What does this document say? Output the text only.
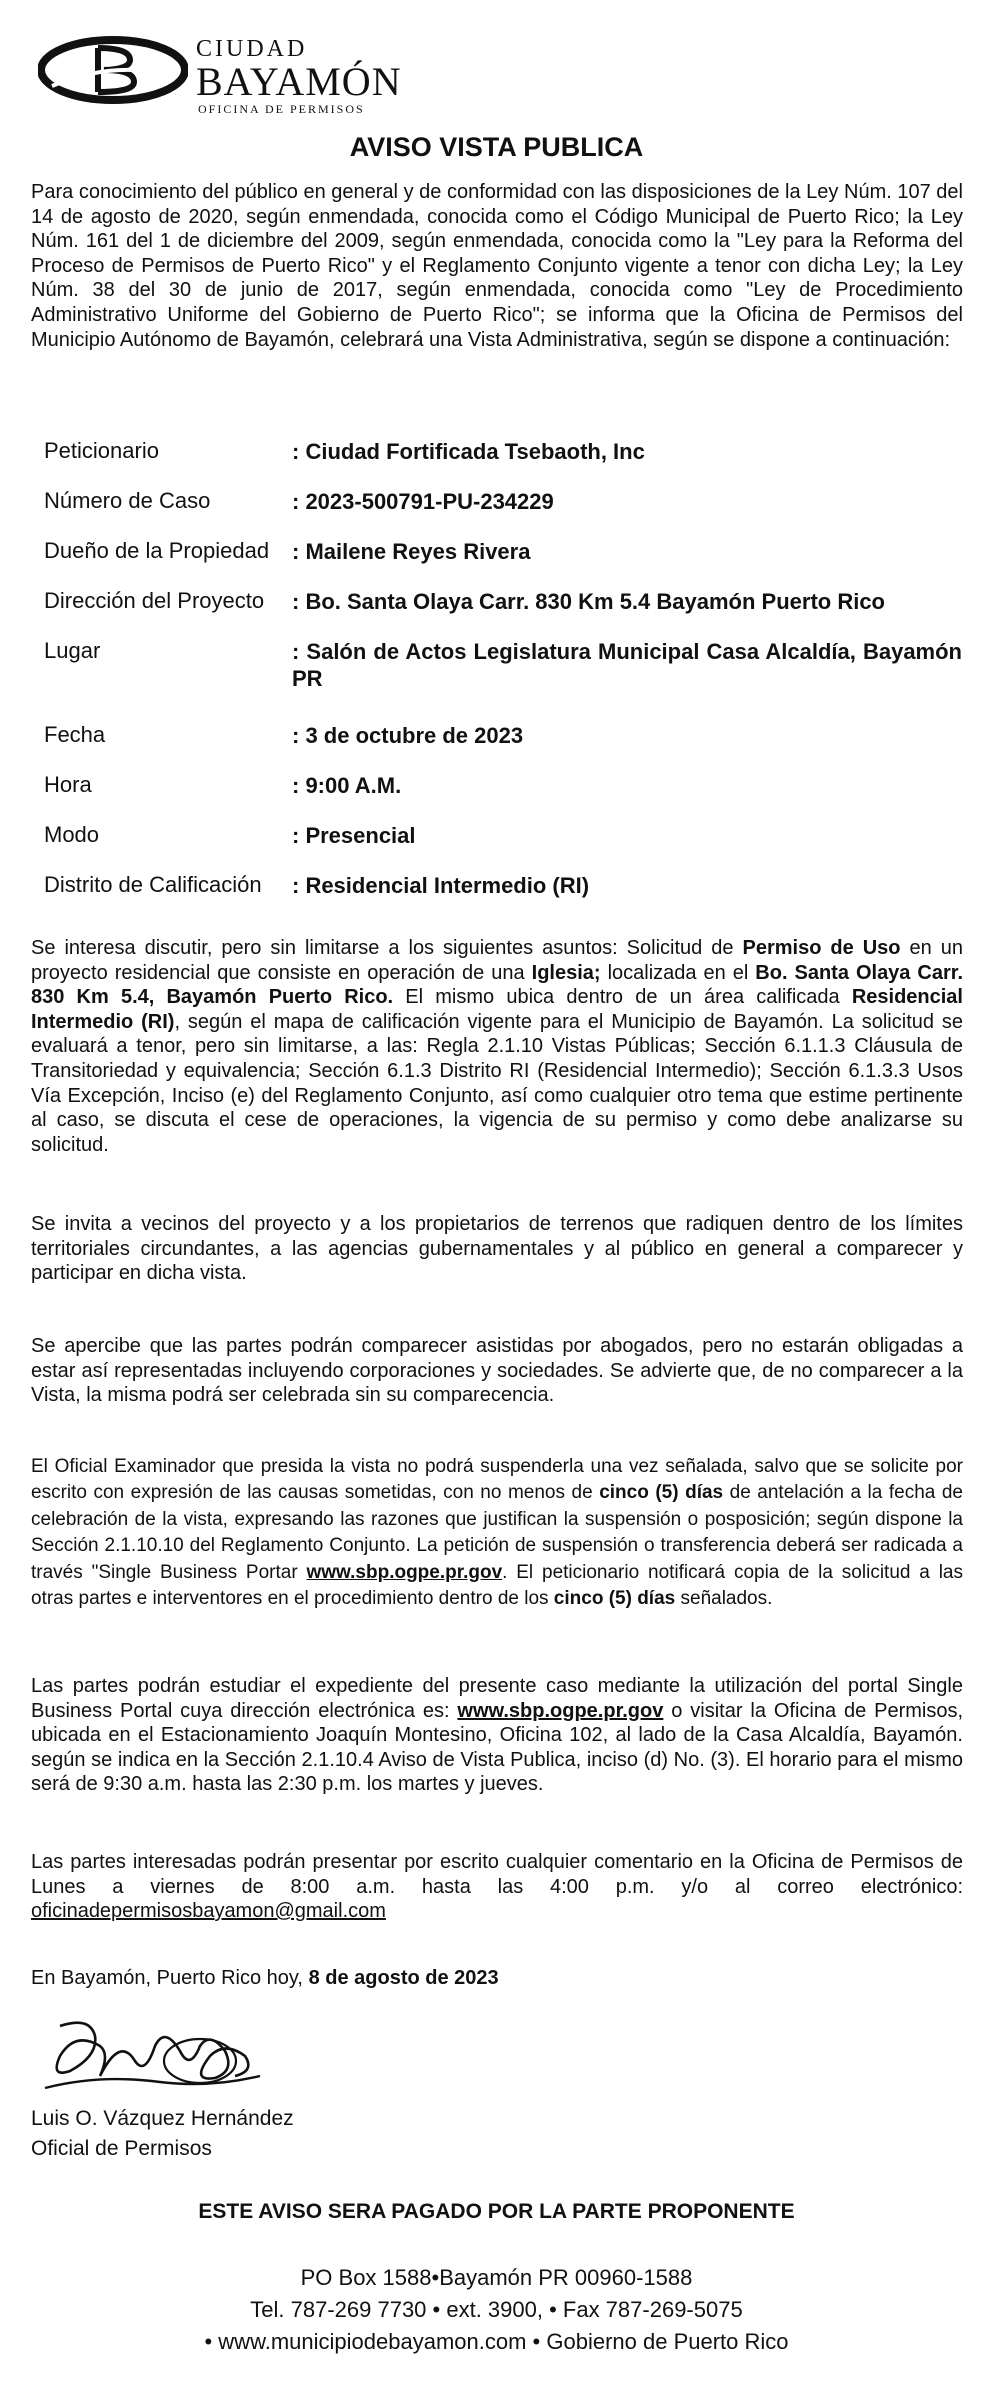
CIUDAD
BAYAMÓN
OFICINA DE PERMISOS
AVISO VISTA PUBLICA
Para conocimiento del público en general y de conformidad con las disposiciones de la Ley Núm. 107 del 14 de agosto de 2020, según enmendada, conocida como el Código Municipal de Puerto Rico; la Ley Núm. 161 del 1 de diciembre del 2009, según enmendada, conocida como la "Ley para la Reforma del Proceso de Permisos de Puerto Rico" y el Reglamento Conjunto vigente a tenor con dicha Ley; la Ley Núm. 38 del 30 de junio de 2017, según enmendada, conocida como "Ley de Procedimiento Administrativo Uniforme del Gobierno de Puerto Rico"; se informa que la Oficina de Permisos del Municipio Autónomo de Bayamón, celebrará una Vista Administrativa, según se dispone a continuación:
Peticionario	: Ciudad Fortificada Tsebaoth, Inc
Número de Caso	: 2023-500791-PU-234229
Dueño de la Propiedad : Mailene Reyes Rivera
Dirección del Proyecto : Bo. Santa Olaya Carr. 830 Km 5.4 Bayamón Puerto Rico
Lugar	: Salón de Actos Legislatura Municipal Casa Alcaldía, Bayamón PR
Fecha	: 3 de octubre de 2023
Hora	: 9:00 A.M.
Modo	: Presencial
Distrito de Calificación : Residencial Intermedio (RI)
Se interesa discutir, pero sin limitarse a los siguientes asuntos: Solicitud de Permiso de Uso en un proyecto residencial que consiste en operación de una Iglesia; localizada en el Bo. Santa Olaya Carr. 830 Km 5.4, Bayamón Puerto Rico. El mismo ubica dentro de un área calificada Residencial Intermedio (RI), según el mapa de calificación vigente para el Municipio de Bayamón. La solicitud se evaluará a tenor, pero sin limitarse, a las: Regla 2.1.10 Vistas Públicas; Sección 6.1.1.3 Cláusula de Transitoriedad y equivalencia; Sección 6.1.3 Distrito RI (Residencial Intermedio); Sección 6.1.3.3 Usos Vía Excepción, Inciso (e) del Reglamento Conjunto, así como cualquier otro tema que estime pertinente al caso, se discuta el cese de operaciones, la vigencia de su permiso y como debe analizarse su solicitud.
Se invita a vecinos del proyecto y a los propietarios de terrenos que radiquen dentro de los límites territoriales circundantes, a las agencias gubernamentales y al público en general a comparecer y participar en dicha vista.
Se apercibe que las partes podrán comparecer asistidas por abogados, pero no estarán obligadas a estar así representadas incluyendo corporaciones y sociedades. Se advierte que, de no comparecer a la Vista, la misma podrá ser celebrada sin su comparecencia.
El Oficial Examinador que presida la vista no podrá suspenderla una vez señalada, salvo que se solicite por escrito con expresión de las causas sometidas, con no menos de cinco (5) días de antelación a la fecha de celebración de la vista, expresando las razones que justifican la suspensión o posposición; según dispone la Sección 2.1.10.10 del Reglamento Conjunto. La petición de suspensión o transferencia deberá ser radicada a través "Single Business Portar www.sbp.ogpe.pr.gov. El peticionario notificará copia de la solicitud a las otras partes e interventores en el procedimiento dentro de los cinco (5) días señalados.
Las partes podrán estudiar el expediente del presente caso mediante la utilización del portal Single Business Portal cuya dirección electrónica es: www.sbp.ogpe.pr.gov o visitar la Oficina de Permisos, ubicada en el Estacionamiento Joaquín Montesino, Oficina 102, al lado de la Casa Alcaldía, Bayamón. según se indica en la Sección 2.1.10.4 Aviso de Vista Publica, inciso (d) No. (3). El horario para el mismo será de 9:30 a.m. hasta las 2:30 p.m. los martes y jueves.
Las partes interesadas podrán presentar por escrito cualquier comentario en la Oficina de Permisos de Lunes a viernes de 8:00 a.m. hasta las 4:00 p.m. y/o al correo electrónico: oficinadepermisosbayamon@gmail.com
En Bayamón, Puerto Rico hoy, 8 de agosto de 2023
Luis O. Vázquez Hernández
Oficial de Permisos
ESTE AVISO SERA PAGADO POR LA PARTE PROPONENTE
PO Box 1588•Bayamón PR 00960-1588
Tel. 787-269 7730 • ext. 3900, • Fax 787-269-5075
• www.municipiodebayamon.com • Gobierno de Puerto Rico
